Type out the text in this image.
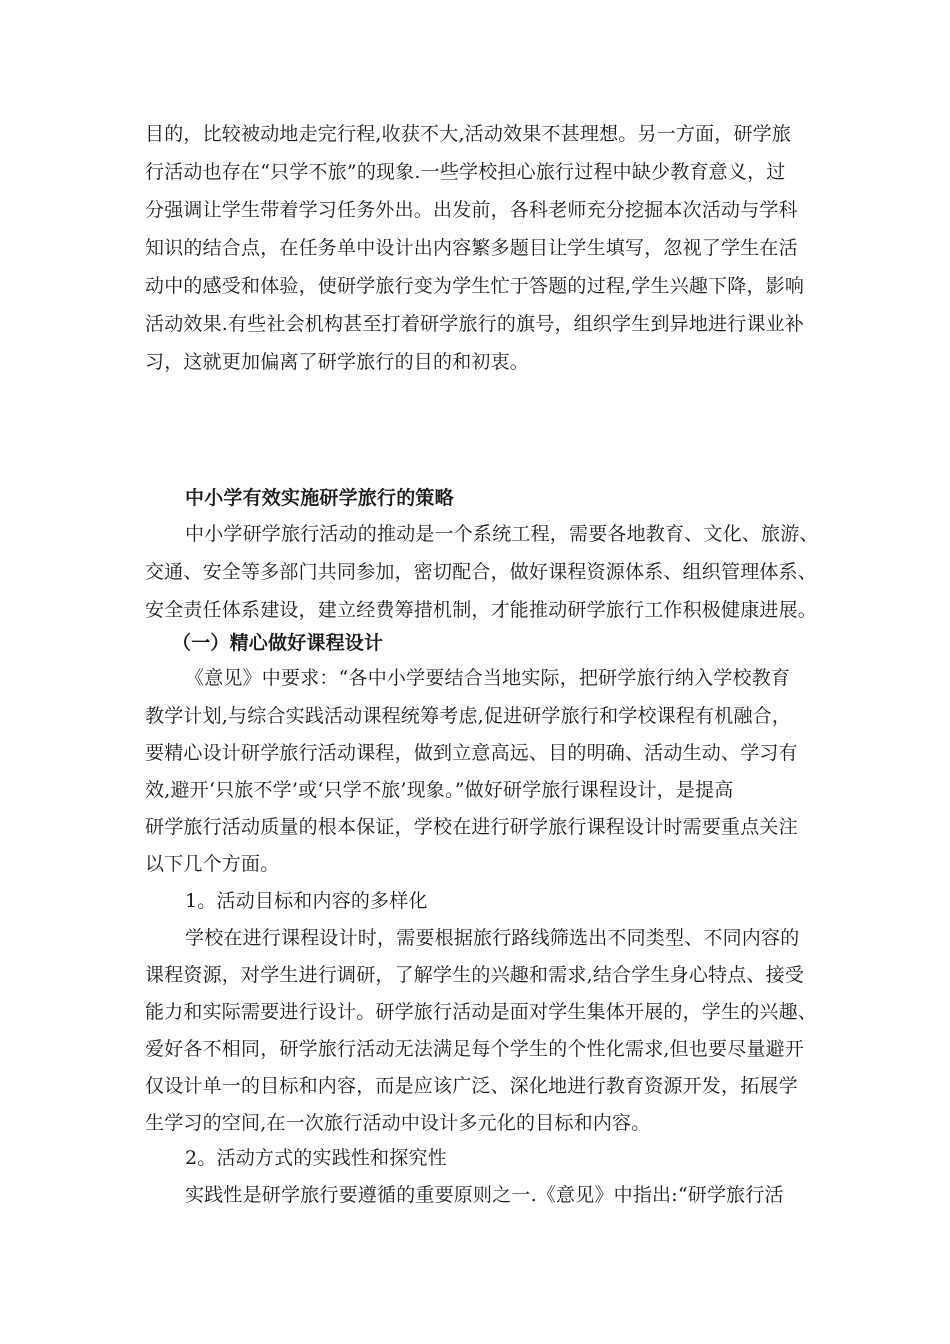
目的，比较被动地走完行程,收获不大,活动效果不甚理想。另一方面，研学旅
行活动也存在“只学不旅”的现象.一些学校担心旅行过程中缺少教育意义，过
分强调让学生带着学习任务外出。出发前，各科老师充分挖掘本次活动与学科
知识的结合点，在任务单中设计出内容繁多题目让学生填写，忽视了学生在活
动中的感受和体验，使研学旅行变为学生忙于答题的过程,学生兴趣下降，影响
活动效果.有些社会机构甚至打着研学旅行的旗号，组织学生到异地进行课业补
习，这就更加偏离了研学旅行的目的和初衷。
中小学有效实施研学旅行的策略
中小学研学旅行活动的推动是一个系统工程，需要各地教育、文化、旅游、
交通、安全等多部门共同参加，密切配合，做好课程资源体系、组织管理体系、
安全责任体系建设，建立经费筹措机制，才能推动研学旅行工作积极健康进展。
（一）精心做好课程设计
《意见》中要求：“各中小学要结合当地实际，把研学旅行纳入学校教育
教学计划,与综合实践活动课程统筹考虑,促进研学旅行和学校课程有机融合，
要精心设计研学旅行活动课程，做到立意高远、目的明确、活动生动、学习有
效,避开‘只旅不学’或‘只学不旅’现象。”做好研学旅行课程设计，是提高
研学旅行活动质量的根本保证，学校在进行研学旅行课程设计时需要重点关注
以下几个方面。
1。活动目标和内容的多样化
学校在进行课程设计时，需要根据旅行路线筛选出不同类型、不同内容的
课程资源，对学生进行调研，了解学生的兴趣和需求,结合学生身心特点、接受
能力和实际需要进行设计。研学旅行活动是面对学生集体开展的，学生的兴趣、
爱好各不相同，研学旅行活动无法满足每个学生的个性化需求,但也要尽量避开
仅设计单一的目标和内容，而是应该广泛、深化地进行教育资源开发，拓展学
生学习的空间,在一次旅行活动中设计多元化的目标和内容。
2。活动方式的实践性和探究性
实践性是研学旅行要遵循的重要原则之一.《意见》中指出:“研学旅行活
